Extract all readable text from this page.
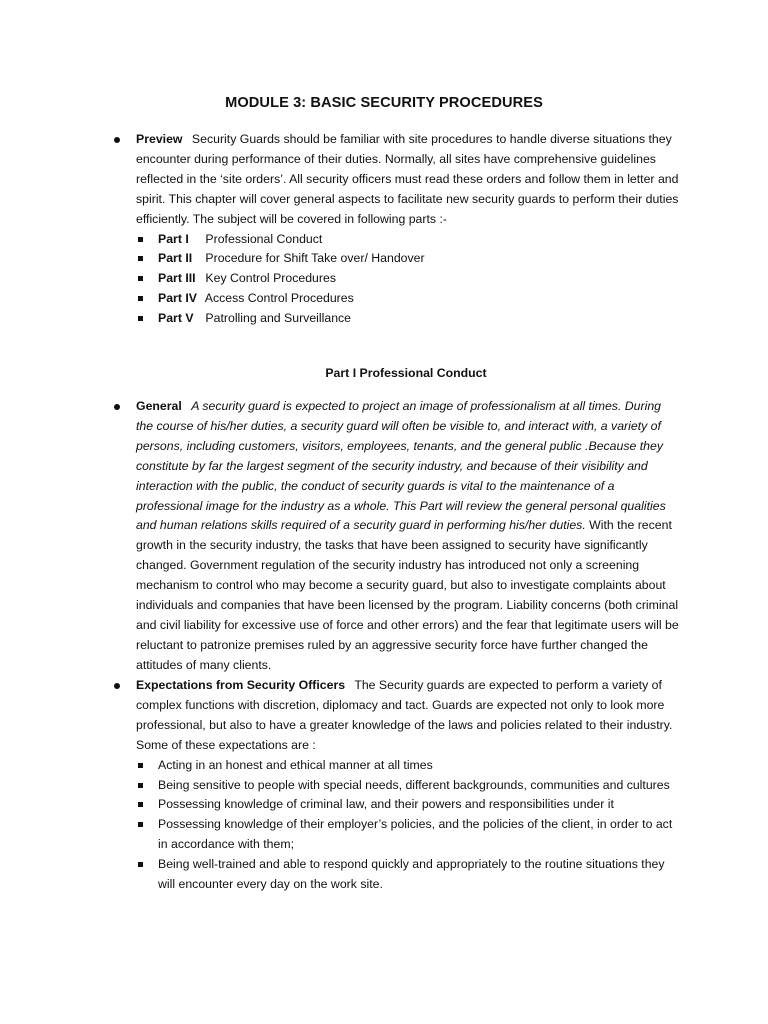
MODULE 3: BASIC SECURITY PROCEDURES

Preview Security Guards should be familiar with site procedures to handle diverse situations they encounter during performance of their duties. Normally, all sites have comprehensive guidelines reflected in the ‘site orders’. All security officers must read these orders and follow them in letter and spirit. This chapter will cover general aspects to facilitate new security guards to perform their duties efficiently. The subject will be covered in following parts :-

Part I Professional Conduct
Part II Procedure for Shift Take over/ Handover
Part III Key Control Procedures
Part IV Access Control Procedures
Part V Patrolling and Surveillance
Part I Professional Conduct

General A security guard is expected to project an image of professionalism at all times. During the course of his/her duties, a security guard will often be visible to, and interact with, a variety of persons, including customers, visitors, employees, tenants, and the general public .Because they constitute by far the largest segment of the security industry, and because of their visibility and interaction with the public, the conduct of security guards is vital to the maintenance of a professional image for the industry as a whole. This Part will review the general personal qualities and human relations skills required of a security guard in performing his/her duties. With the recent growth in the security industry, the tasks that have been assigned to security have significantly changed. Government regulation of the security industry has introduced not only a screening mechanism to control who may become a security guard, but also to investigate complaints about individuals and companies that have been licensed by the program. Liability concerns (both criminal and civil liability for excessive use of force and other errors) and the fear that legitimate users will be reluctant to patronize premises ruled by an aggressive security force have further changed the attitudes of many clients.

Expectations from Security Officers The Security guards are expected to perform a variety of complex functions with discretion, diplomacy and tact. Guards are expected not only to look more professional, but also to have a greater knowledge of the laws and policies related to their industry. Some of these expectations are :

Acting in an honest and ethical manner at all times
Being sensitive to people with special needs, different backgrounds, communities and cultures
Possessing knowledge of criminal law, and their powers and responsibilities under it
Possessing knowledge of their employer’s policies, and the policies of the client, in order to act in accordance with them;
Being well-trained and able to respond quickly and appropriately to the routine situations they will encounter every day on the work site.
